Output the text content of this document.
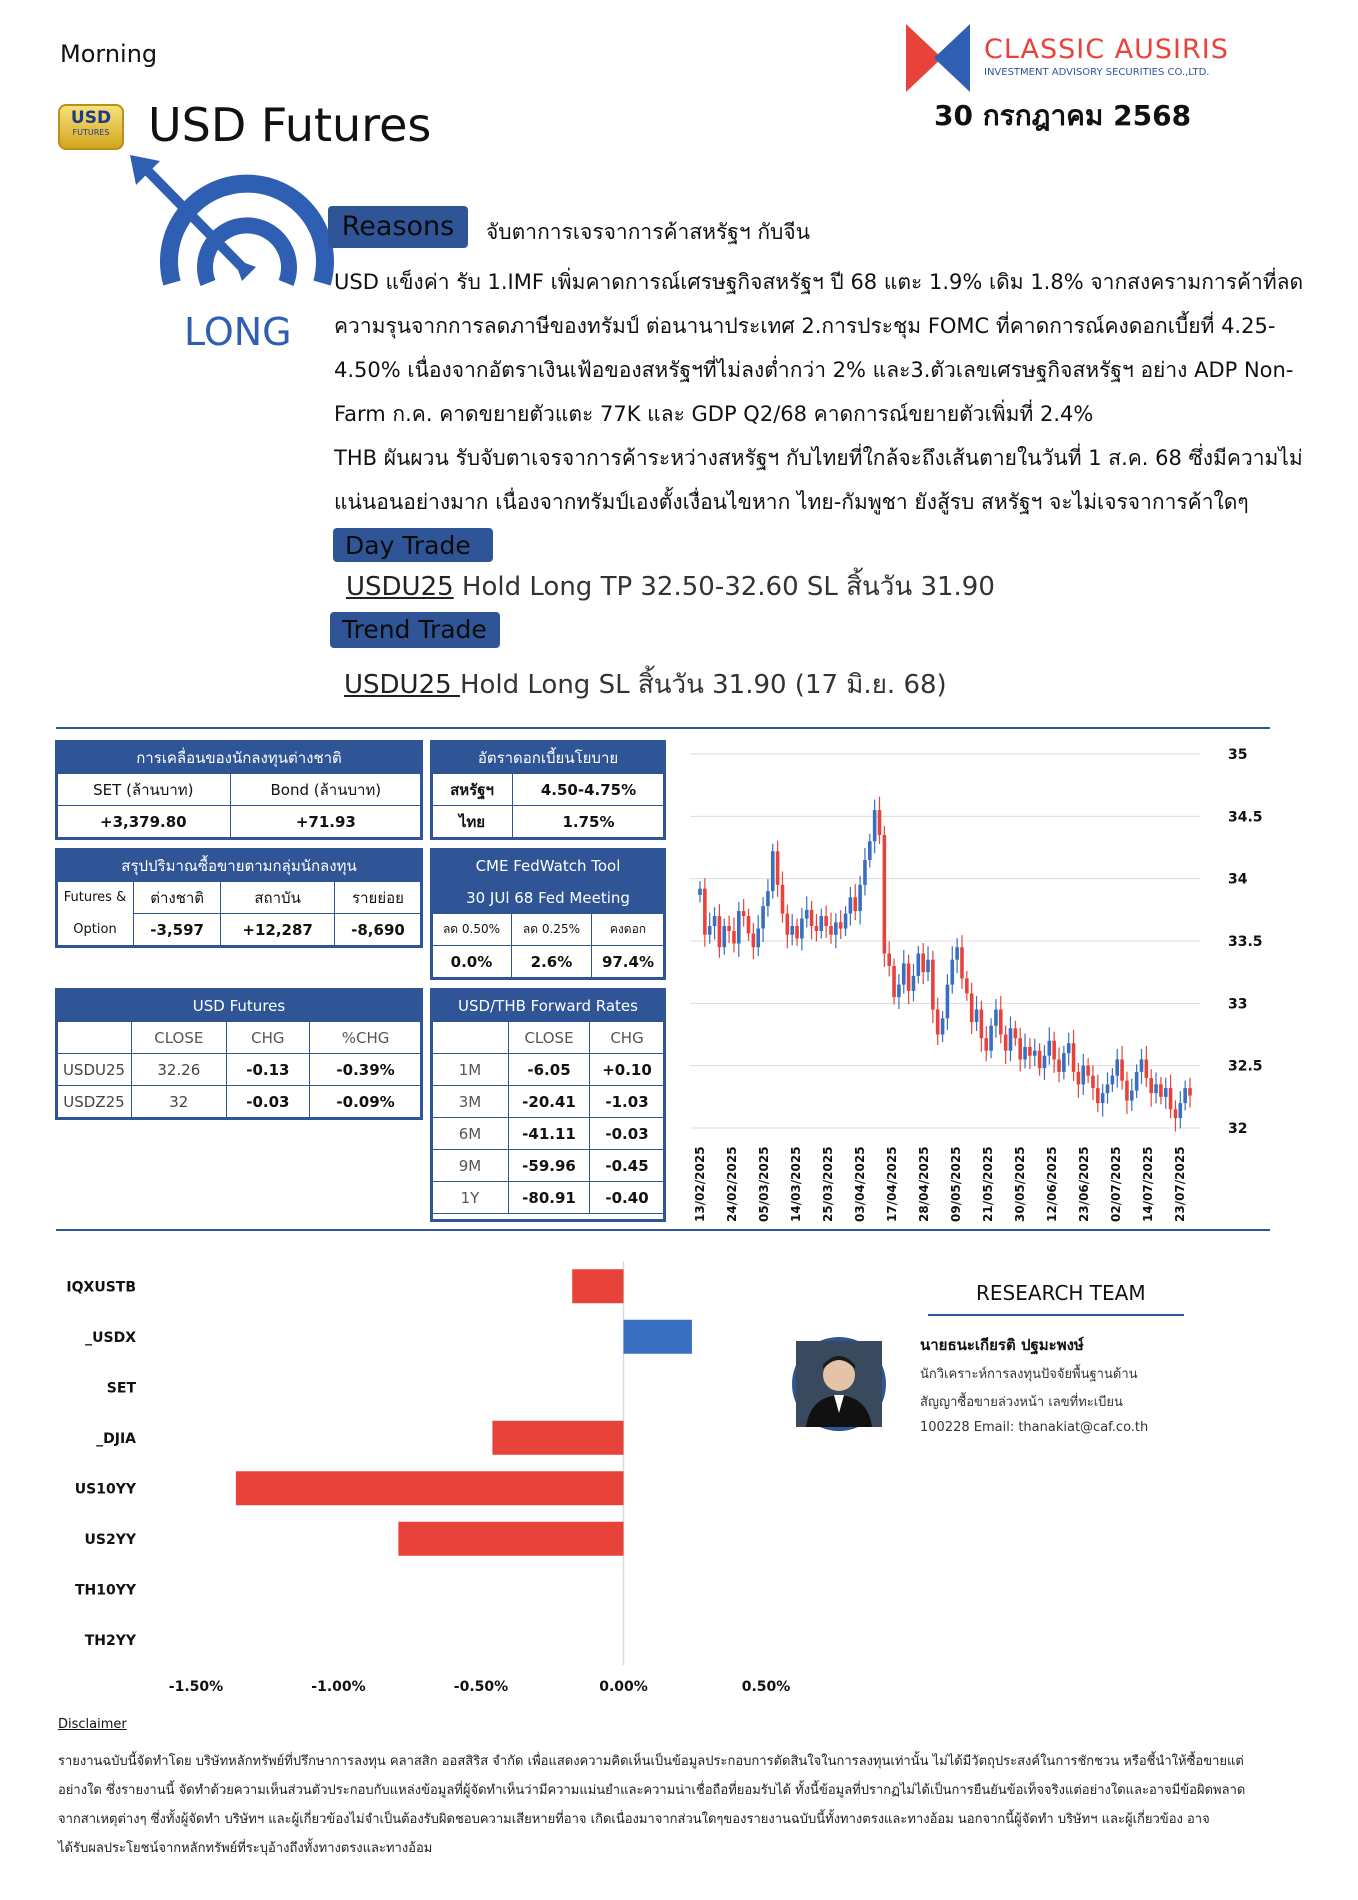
Morning
USD
FUTURES USD Futures
CLASSIC AUSIRIS
INVESTMENT ADVISORY SECURITIES CO.,LTD.
30 กรกฎาคม 2568
LONG
Reasons	จับตาการเจรจาการค้าสหรัฐฯ กับจีน
USD แข็งค่า รับ 1.IMF เพิ่มคาดการณ์เศรษฐกิจสหรัฐฯ ปี 68 แตะ 1.9% เดิม 1.8% จากสงครามการค้าที่ลด
ความรุนจากการลดภาษีของทรัมป์ ต่อนานาประเทศ 2.การประชุม FOMC ที่คาดการณ์คงดอกเบี้ยที่ 4.25-
4.50% เนื่องจากอัตราเงินเฟ้อของสหรัฐฯที่ไม่ลงต่ำกว่า 2% และ3.ตัวเลขเศรษฐกิจสหรัฐฯ อย่าง ADP Non-
Farm ก.ค. คาดขยายตัวแตะ 77K และ GDP Q2/68 คาดการณ์ขยายตัวเพิ่มที่ 2.4%
THB ผันผวน รับจับตาเจรจาการค้าระหว่างสหรัฐฯ กับไทยที่ใกล้จะถึงเส้นตายในวันที่ 1 ส.ค. 68 ซึ่งมีความไม่
แน่นอนอย่างมาก เนื่องจากทรัมป์เองตั้งเงื่อนไขหาก ไทย-กัมพูชา ยังสู้รบ สหรัฐฯ จะไม่เจรจาการค้าใดๆ
Day Trade
USDU25 Hold Long TP 32.50-32.60 SL สิ้นวัน 31.90
Trend Trade
USDU25 Hold Long SL สิ้นวัน 31.90 (17 มิ.ย. 68)
การเคลื่อนของนักลงทุนต่างชาติ	
SET (ล้านบาท)	Bond (ล้านบาท)
+3,379.80	+71.93
อัตราดอกเบี้ยนโยบาย	
สหรัฐฯ	4.50-4.75%
ไทย	1.75%
สรุปปริมาณซื้อขายตามกลุ่มนักลงทุน			
Futures &	ต่างชาติ	สถาบัน	รายย่อย
Option	-3,597	+12,287	-8,690
CME FedWatch Tool		
30 JUl 68 Fed Meeting		
ลด 0.50%	ลด 0.25%	คงดอก
0.0%	2.6%	97.4%
USD Futures			
	CLOSE	CHG	%CHG
USDU25	32.26	-0.13	-0.39%
USDZ25	32	-0.03	-0.09%
USD/THB Forward Rates		
	CLOSE	CHG
1M	-6.05	+0.10
3M	-20.41	-1.03
6M	-41.11	-0.03
9M	-59.96	-0.45
1Y	-80.91	-0.40
35
34.5
34
33.5
33
32.5
32
13/02/2025 24/02/2025 05/03/2025 14/03/2025 25/03/2025 03/04/2025 17/04/2025 28/04/2025 09/05/2025 21/05/2025 30/05/2025 12/06/2025 23/06/2025 02/07/2025 14/07/2025 23/07/2025
IQXUSTB
_USDX
SET
_DJIA
US10YY
US2YY
TH10YY
TH2YY
-1.50%	-1.00%	-0.50%	0.00%	0.50%
RESEARCH TEAM
นายธนะเกียรติ ปฐมะพงษ์
นักวิเคราะห์การลงทุนปัจจัยพื้นฐานด้าน
สัญญาซื้อขายล่วงหน้า เลขที่ทะเบียน
100228 Email: thanakiat@caf.co.th
Disclaimer
รายงานฉบับนี้จัดทำโดย บริษัทหลักทรัพย์ที่ปรึกษาการลงทุน คลาสสิก ออสสิริส จำกัด เพื่อแสดงความคิดเห็นเป็นข้อมูลประกอบการตัดสินใจในการลงทุนเท่านั้น ไม่ได้มีวัตถุประสงค์ในการชักชวน หรือชี้นำให้ซื้อขายแต่
อย่างใด ซึ่งรายงานนี้ จัดทำด้วยความเห็นส่วนตัวประกอบกับแหล่งข้อมูลที่ผู้จัดทำเห็นว่ามีความแม่นยำและความน่าเชื่อถือที่ยอมรับได้ ทั้งนี้ข้อมูลที่ปรากฏไม่ได้เป็นการยืนยันข้อเท็จจริงแต่อย่างใดและอาจมีข้อผิดพลาด
จากสาเหตุต่างๆ ซึ่งทั้งผู้จัดทำ บริษัทฯ และผู้เกี่ยวข้องไม่จำเป็นต้องรับผิดชอบความเสียหายที่อาจ เกิดเนื่องมาจากส่วนใดๆของรายงานฉบับนี้ทั้งทางตรงและทางอ้อม นอกจากนี้ผู้จัดทำ บริษัทฯ และผู้เกี่ยวข้อง อาจ
ได้รับผลประโยชน์จากหลักทรัพย์ที่ระบุอ้างถึงทั้งทางตรงและทางอ้อม
